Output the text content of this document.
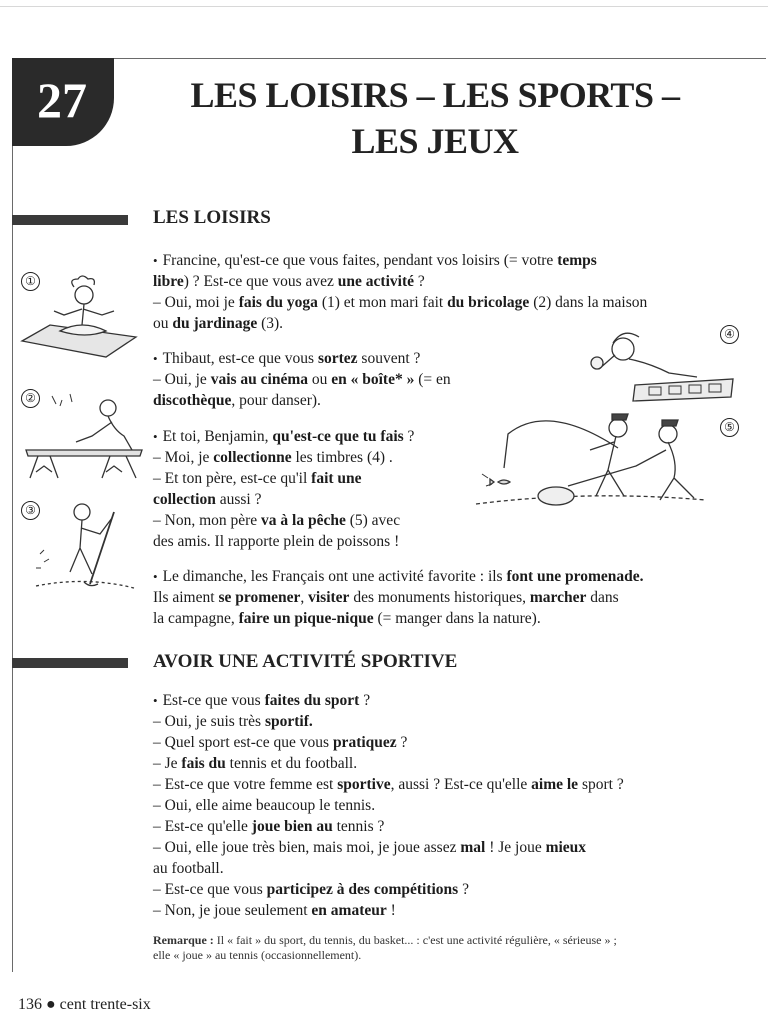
27	LES LOISIRS – LES SPORTS –
LES JEUX
LES LOISIRS
• Francine, qu'est-ce que vous faites, pendant vos loisirs (= votre temps
libre) ? Est-ce que vous avez une activité ?
– Oui, moi je fais du yoga (1) et mon mari fait du bricolage (2) dans la maison
ou du jardinage (3).
• Thibaut, est-ce que vous sortez souvent ?
– Oui, je vais au cinéma ou en « boîte* » (= en
discothèque, pour danser).
• Et toi, Benjamin, qu'est-ce que tu fais ?
– Moi, je collectionne les timbres (4) .
– Et ton père, est-ce qu'il fait une
collection aussi ?
– Non, mon père va à la pêche (5) avec
des amis. Il rapporte plein de poissons !
• Le dimanche, les Français ont une activité favorite : ils font une promenade.
Ils aiment se promener, visiter des monuments historiques, marcher dans
la campagne, faire un pique-nique (= manger dans la nature).
AVOIR UNE ACTIVITÉ SPORTIVE
• Est-ce que vous faites du sport ?
– Oui, je suis très sportif.
– Quel sport est-ce que vous pratiquez ?
– Je fais du tennis et du football.
– Est-ce que votre femme est sportive, aussi ? Est-ce qu'elle aime le sport ?
– Oui, elle aime beaucoup le tennis.
– Est-ce qu'elle joue bien au tennis ?
– Oui, elle joue très bien, mais moi, je joue assez mal ! Je joue mieux
au football.
– Est-ce que vous participez à des compétitions ?
– Non, je joue seulement en amateur !
Remarque : Il « fait » du sport, du tennis, du basket... : c'est une activité régulière, « sérieuse » ;
elle « joue » au tennis (occasionnellement).
①
②
③
④
⑤
136 ● cent trente-six
